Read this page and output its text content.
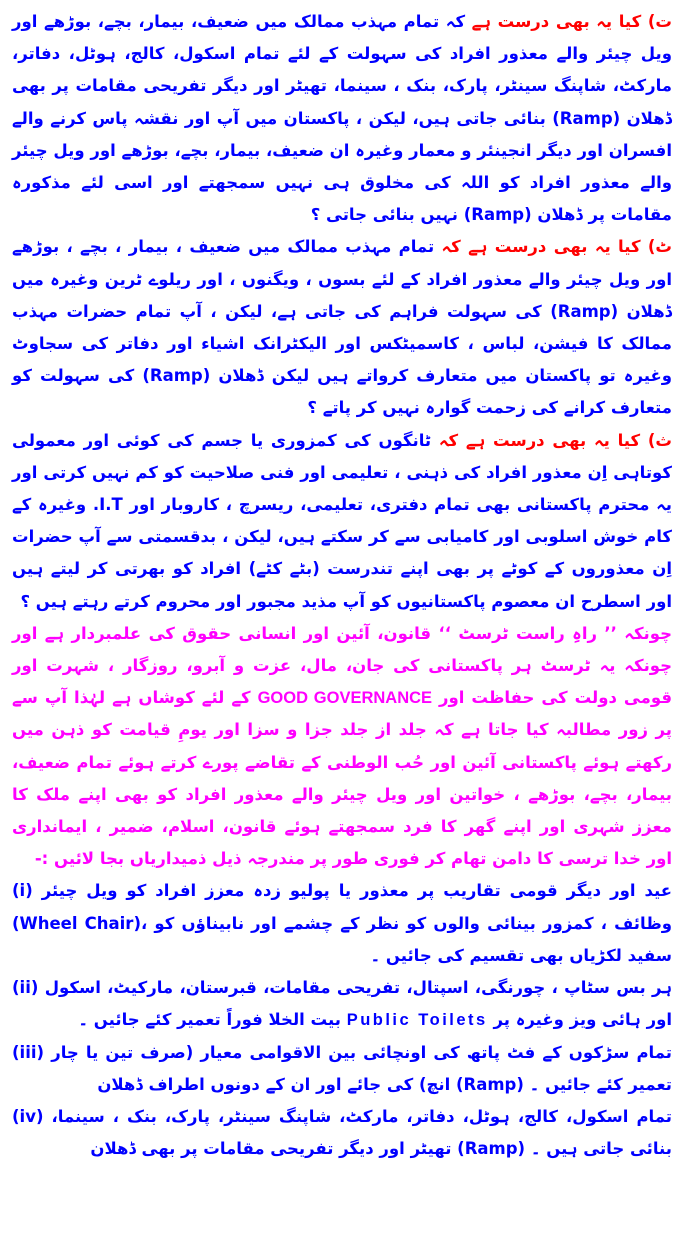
ت) کیا یہ بھی درست ہے کہ تمام مہذب ممالک میں ضعیف، بیمار، بچے، بوڑھے اور ویل چیئر والے معذور افراد کی سہولت کے لئے تمام اسکول، کالج، ہوٹل، دفاتر، مارکٹ، شاپنگ سینٹر، پارک، بنک ، سینما، تھیٹر اور دیگر تفریحی مقامات پر بھی ڈھلان (Ramp) بنائی جاتی ہیں، لیکن ، پاکستان میں آپ اور نقشہ پاس کرنے والے افسران اور دیگر انجینئر و معمار وغیرہ ان ضعیف، بیمار، بچے، بوڑھے اور ویل چیئر والے معذور افراد کو اللہ کی مخلوق ہی نہیں سمجھتے اور اسی لئے مذکورہ مقامات پر ڈھلان (Ramp) نہیں بنائی جاتی ؟

ٹ) کیا یہ بھی درست ہے کہ تمام مہذب ممالک میں ضعیف ، بیمار ، بچے ، بوڑھے اور ویل چیئر والے معذور افراد کے لئے بسوں ، ویگنوں ، اور ریلوے ٹرین وغیرہ میں ڈھلان (Ramp) کی سہولت فراہم کی جاتی ہے، لیکن ، آپ تمام حضرات مہذب ممالک کا فیشن، لباس ، کاسمیٹکس اور الیکٹرانک اشیاء اور دفاتر کی سجاوٹ وغیرہ تو پاکستان میں متعارف کرواتے ہیں لیکن ڈھلان (Ramp) کی سہولت کو متعارف کرانے کی زحمت گوارہ نہیں کر پاتے ؟

ث) کیا یہ بھی درست ہے کہ ٹانگوں کی کمزوری یا جسم کی کوئی اور معمولی کوتاہی اِن معذور افراد کی ذہنی ، تعلیمی اور فنی صلاحیت کو کم نہیں کرتی اور یہ محترم پاکستانی بھی تمام دفتری، تعلیمی، ریسرچ ، کاروبار اور I.T. وغیرہ کے کام خوش اسلوبی اور کامیابی سے کر سکتے ہیں، لیکن ، بدقسمتی سے آپ حضرات اِن معذوروں کے کوٹے پر بھی اپنے تندرست (بٹے کٹے) افراد کو بھرتی کر لیتے ہیں اور اسطرح ان معصوم پاکستانیوں کو آپ مذید مجبور اور محروم کرتے رہتے ہیں ؟

چونکہ ’’ راہِ راست ٹرسٹ ‘‘ قانون، آئین اور انسانی حقوق کی علمبردار ہے اور چونکہ یہ ٹرسٹ ہر پاکستانی کی جان، مال، عزت و آبرو، روزگار ، شہرت اور قومی دولت کی حفاظت اور GOOD GOVERNANCE کے لئے کوشاں ہے لہٰذا آپ سے پر زور مطالبہ کیا جاتا ہے کہ جلد از جلد جزا و سزا اور یومِ قیامت کو ذہن میں رکھتے ہوئے پاکستانی آئین اور حُب الوطنی کے تقاضے پورے کرتے ہوئے تمام ضعیف، بیمار، بچے، بوڑھے ، خواتین اور ویل چیئر والے معذور افراد کو بھی اپنے ملک کا معزز شہری اور اپنے گھر کا فرد سمجھتے ہوئے قانون، اسلام، ضمیر ، ایمانداری اور خدا ترسی کا دامن تھام کر فوری طور پر مندرجہ ذیل ذمیداریاں بجا لائیں :-

(i) عید اور دیگر قومی تقاریب پر معذور یا پولیو زدہ معزز افراد کو ویل چیئر (Wheel Chair)، وظائف ، کمزور بینائی والوں کو نظر کے چشمے اور نابیناؤں کو سفید لکڑیاں بھی تقسیم کی جائیں ۔

(ii) ہر بس سٹاپ ، چورنگی، اسپتال، تفریحی مقامات، قبرستان، مارکیٹ، اسکول اور ہائی ویز وغیرہ پر Public Toilets بیت الخلا فوراً تعمیر کئے جائیں ۔

(iii) تمام سڑکوں کے فٹ پاتھ کی اونچائی بین الاقوامی معیار (صرف تین یا چار انچ) کی جائے اور ان کے دونوں اطراف ڈھلان (Ramp) تعمیر کئے جائیں ۔

(iv) تمام اسکول، کالج، ہوٹل، دفاتر، مارکٹ، شاپنگ سینٹر، پارک، بنک ، سینما، تھیٹر اور دیگر تفریحی مقامات پر بھی ڈھلان (Ramp) بنائی جاتی ہیں ۔
